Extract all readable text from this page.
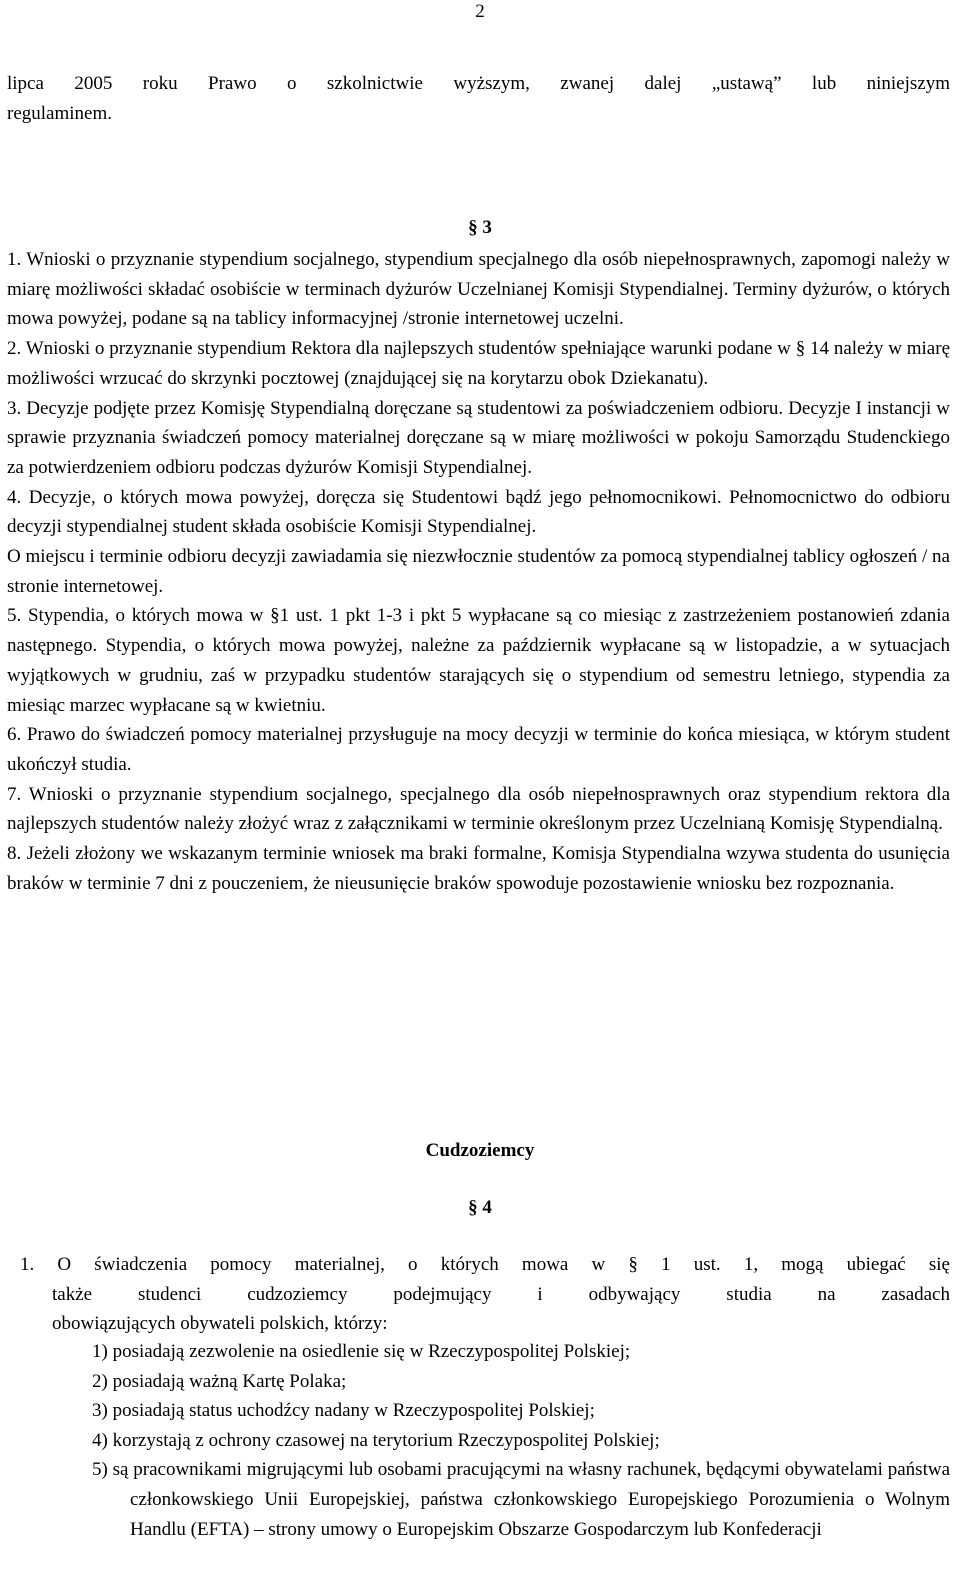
2

lipca 2005 roku Prawo o szkolnictwie wyższym, zwanej dalej „ustawą” lub niniejszym

regulaminem.

§ 3

1. Wnioski o przyznanie stypendium socjalnego, stypendium specjalnego dla osób niepełnosprawnych, zapomogi należy w miarę możliwości składać osobiście w terminach dyżurów Uczelnianej Komisji Stypendialnej. Terminy dyżurów, o których mowa powyżej, podane są na tablicy informacyjnej /stronie internetowej uczelni.

2. Wnioski o przyznanie stypendium Rektora dla najlepszych studentów spełniające warunki podane w § 14 należy w miarę możliwości wrzucać do skrzynki pocztowej (znajdującej się na korytarzu obok Dziekanatu).

3. Decyzje podjęte przez Komisję Stypendialną doręczane są studentowi za poświadczeniem odbioru. Decyzje I instancji w sprawie przyznania świadczeń pomocy materialnej doręczane są w miarę możliwości w pokoju Samorządu Studenckiego za potwierdzeniem odbioru podczas dyżurów Komisji Stypendialnej.

4. Decyzje, o których mowa powyżej, doręcza się Studentowi bądź jego pełnomocnikowi. Pełnomocnictwo do odbioru decyzji stypendialnej student składa osobiście Komisji Stypendialnej.

O miejscu i terminie odbioru decyzji zawiadamia się niezwłocznie studentów za pomocą stypendialnej tablicy ogłoszeń / na stronie internetowej.

5. Stypendia, o których mowa w §1 ust. 1 pkt 1-3 i pkt 5 wypłacane są co miesiąc z zastrzeżeniem postanowień zdania następnego. Stypendia, o których mowa powyżej, należne za październik wypłacane są w listopadzie, a w sytuacjach wyjątkowych w grudniu, zaś w przypadku studentów starających się o stypendium od semestru letniego, stypendia za miesiąc marzec wypłacane są w kwietniu.

6. Prawo do świadczeń pomocy materialnej przysługuje na mocy decyzji w terminie do końca miesiąca, w którym student ukończył studia.

7. Wnioski o przyznanie stypendium socjalnego, specjalnego dla osób niepełnosprawnych oraz stypendium rektora dla najlepszych studentów należy złożyć wraz z załącznikami w terminie określonym przez Uczelnianą Komisję Stypendialną.

8. Jeżeli złożony we wskazanym terminie wniosek ma braki formalne, Komisja Stypendialna wzywa studenta do usunięcia braków w terminie 7 dni z pouczeniem, że nieusunięcie braków spowoduje pozostawienie wniosku bez rozpoznania.

Cudzoziemcy
§ 4

1. O świadczenia pomocy materialnej, o których mowa w § 1 ust. 1, mogą ubiegać się

także studenci cudzoziemcy podejmujący i odbywający studia na zasadach

obowiązujących obywateli polskich, którzy:

1) posiadają zezwolenie na osiedlenie się w Rzeczypospolitej Polskiej;
2) posiadają ważną Kartę Polaka;
3) posiadają status uchodźcy nadany w Rzeczypospolitej Polskiej;
4) korzystają z ochrony czasowej na terytorium Rzeczypospolitej Polskiej;
5) są pracownikami migrującymi lub osobami pracującymi na własny rachunek, będącymi obywatelami państwa członkowskiego Unii Europejskiej, państwa członkowskiego Europejskiego Porozumienia o Wolnym Handlu (EFTA) – strony umowy o Europejskim Obszarze Gospodarczym lub Konfederacji
